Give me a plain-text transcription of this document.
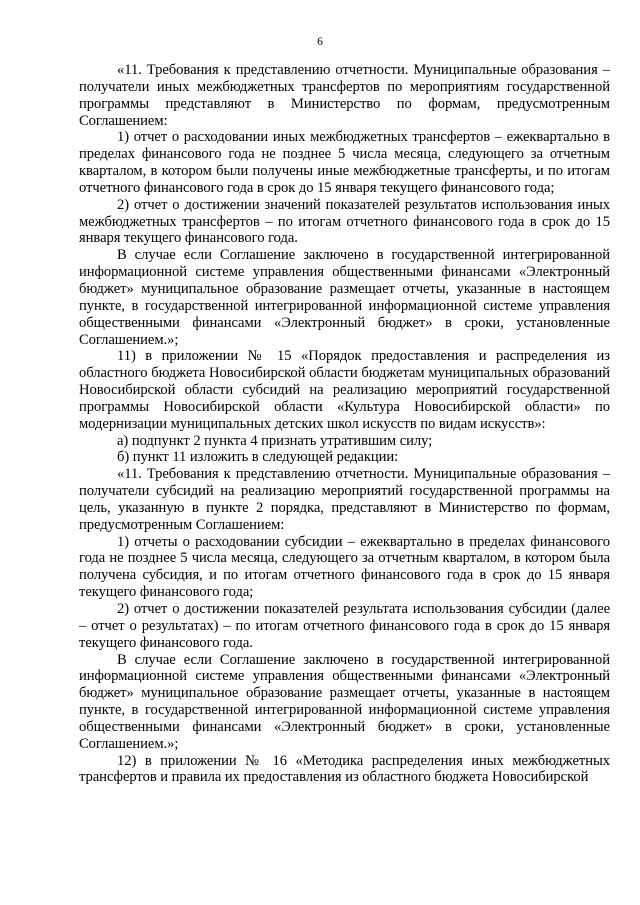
6

«11. Требования к представлению отчетности. Муниципальные образования – получатели иных межбюджетных трансфертов по мероприятиям государственной программы представляют в Министерство по формам, предусмотренным Соглашением:

1) отчет о расходовании иных межбюджетных трансфертов – ежеквартально в пределах финансового года не позднее 5 числа месяца, следующего за отчетным кварталом, в котором были получены иные межбюджетные трансферты, и по итогам отчетного финансового года в срок до 15 января текущего финансового года;

2) отчет о достижении значений показателей результатов использования иных межбюджетных трансфертов – по итогам отчетного финансового года в срок до 15 января текущего финансового года.

В случае если Соглашение заключено в государственной интегрированной информационной системе управления общественными финансами «Электронный бюджет» муниципальное образование размещает отчеты, указанные в настоящем пункте, в государственной интегрированной информационной системе управления общественными финансами «Электронный бюджет» в сроки, установленные Соглашением.»;

11) в приложении № 15 «Порядок предоставления и распределения из областного бюджета Новосибирской области бюджетам муниципальных образований Новосибирской области субсидий на реализацию мероприятий государственной программы Новосибирской области «Культура Новосибирской области» по модернизации муниципальных детских школ искусств по видам искусств»:

а) подпункт 2 пункта 4 признать утратившим силу;

б) пункт 11 изложить в следующей редакции:

«11. Требования к представлению отчетности. Муниципальные образования – получатели субсидий на реализацию мероприятий государственной программы на цель, указанную в пункте 2 порядка, представляют в Министерство по формам, предусмотренным Соглашением:

1) отчеты о расходовании субсидии – ежеквартально в пределах финансового года не позднее 5 числа месяца, следующего за отчетным кварталом, в котором была получена субсидия, и по итогам отчетного финансового года в срок до 15 января текущего финансового года;

2) отчет о достижении показателей результата использования субсидии (далее – отчет о результатах) – по итогам отчетного финансового года в срок до 15 января текущего финансового года.

В случае если Соглашение заключено в государственной интегрированной информационной системе управления общественными финансами «Электронный бюджет» муниципальное образование размещает отчеты, указанные в настоящем пункте, в государственной интегрированной информационной системе управления общественными финансами «Электронный бюджет» в сроки, установленные Соглашением.»;

12) в приложении № 16 «Методика распределения иных межбюджетных трансфертов и правила их предоставления из областного бюджета Новосибирской
